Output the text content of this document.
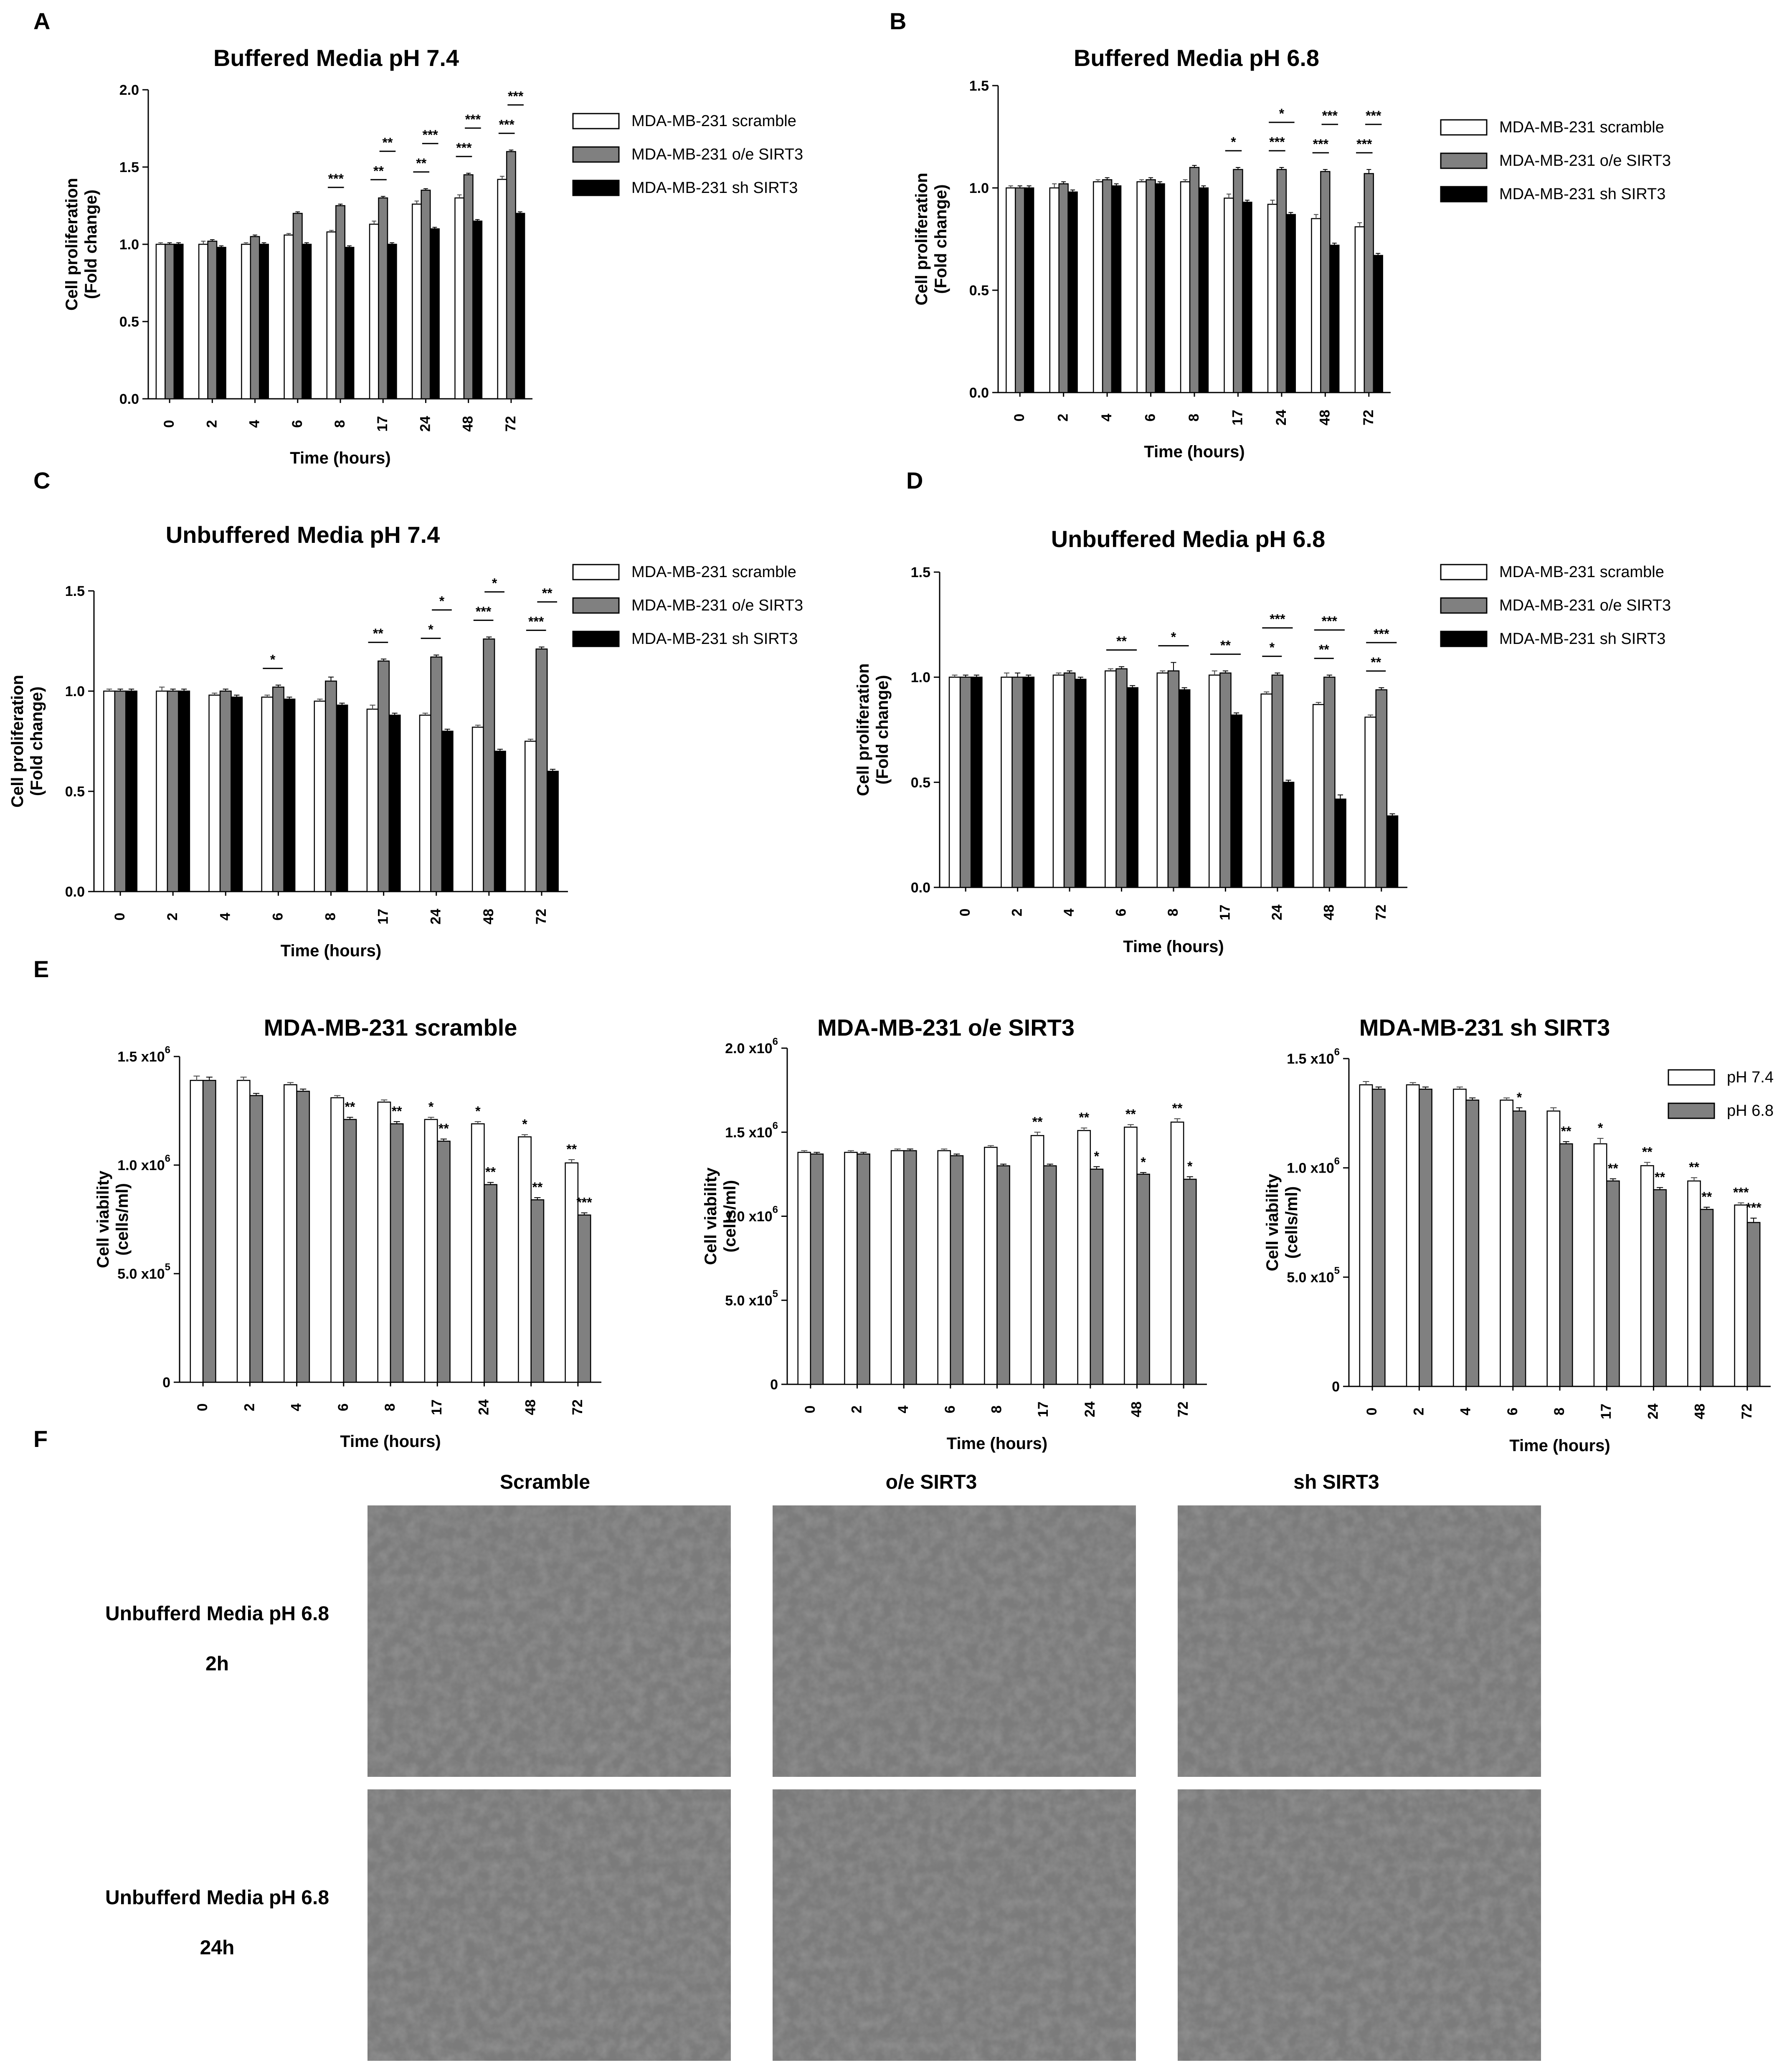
A
Buffered Media pH 7.4
Cell proliferation(Fold change)
Time (hours)
0.0
0.5
1.0
1.5
2.0
0 2 4 6 8 17 24 48 72
***
**
**
**
***
***
*** ***
***
MDA-MB-231 scramble
MDA-MB-231 o/e SIRT3
MDA-MB-231 sh SIRT3
B
Buffered Media pH 6.8
Cell proliferation(Fold change)
Time (hours)
0.0
0.5
1.0
1.5
0 2 4 6 8 17 24 48 72
* ***
*
***
***
***
***
MDA-MB-231 scramble
MDA-MB-231 o/e SIRT3
MDA-MB-231 sh SIRT3
C
Unbuffered Media pH 7.4
Cell proliferation(Fold change)
Time (hours)
0.0
0.5
1.0
1.5
0	2	4	6	8	17	24	48	72
*
**	*
*
***
*
***
**
MDA-MB-231 scramble
MDA-MB-231 o/e SIRT3
MDA-MB-231 sh SIRT3
D
Unbuffered Media pH 6.8
Cell proliferation(Fold change)
Time (hours)
0.0
0.5
1.0
1.5
0	2	4	6	8	17	24	48	72
**	*
**	*
***
**
***
**
***
MDA-MB-231 scramble
MDA-MB-231 o/e SIRT3
MDA-MB-231 sh SIRT3
E
MDA-MB-231 scramble
Cell viability(cells/ml)
Time (hours)
0
5.0 $x10^5$
1.0 $x10^6$
1.5 $x10^6$
0 2 4 6 8 17 24 48 72
**	** *
**
*
**
*
**
**
***
MDA-MB-231 o/e SIRT3
Cell viability(cells/ml)
Time (hours)
0
5.0 $x10^5$
1.0 $x10^6$
1.5 $x10^6$
2.0 $x10^6$
0 2 4 6 8 17 24 48 72
**	**
*
**
*
**
*
MDA-MB-231 sh SIRT3
Cell viability(cells/ml)
Time (hours)
0
5.0 $x10^5$
1.0 $x10^6$
1.5 $x10^6$
0 2 4 6 8 17 24 48 72
*
** *
**
**
**
**
** ***
***
pH 7.4
pH 6.8
F
Scramble	o/e SIRT3	sh SIRT3
Unbufferd Media pH 6.8
2h
Unbufferd Media pH 6.8
24h
